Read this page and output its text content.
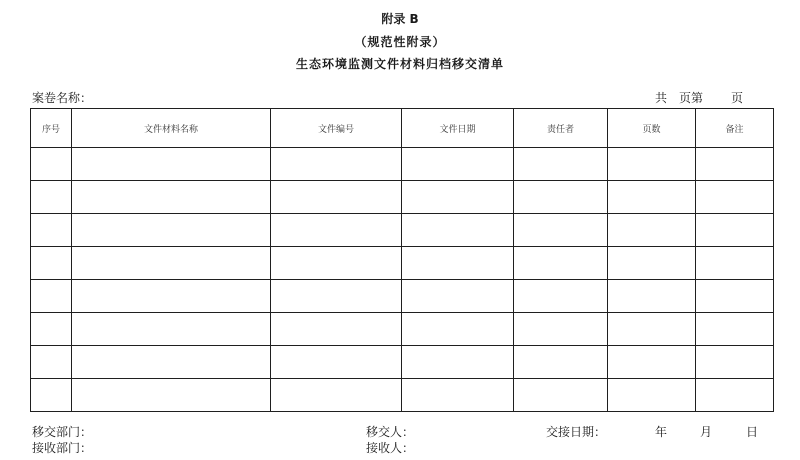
附录 B
（规范性附录）
生态环境监测文件材料归档移交清单
案卷名称：	共 页第 页
序号	文件材料名称	文件编号	文件日期	责任者	页数	备注

移交部门：
接收部门：
移交人：
接收人：
交接日期：	年	月	日
